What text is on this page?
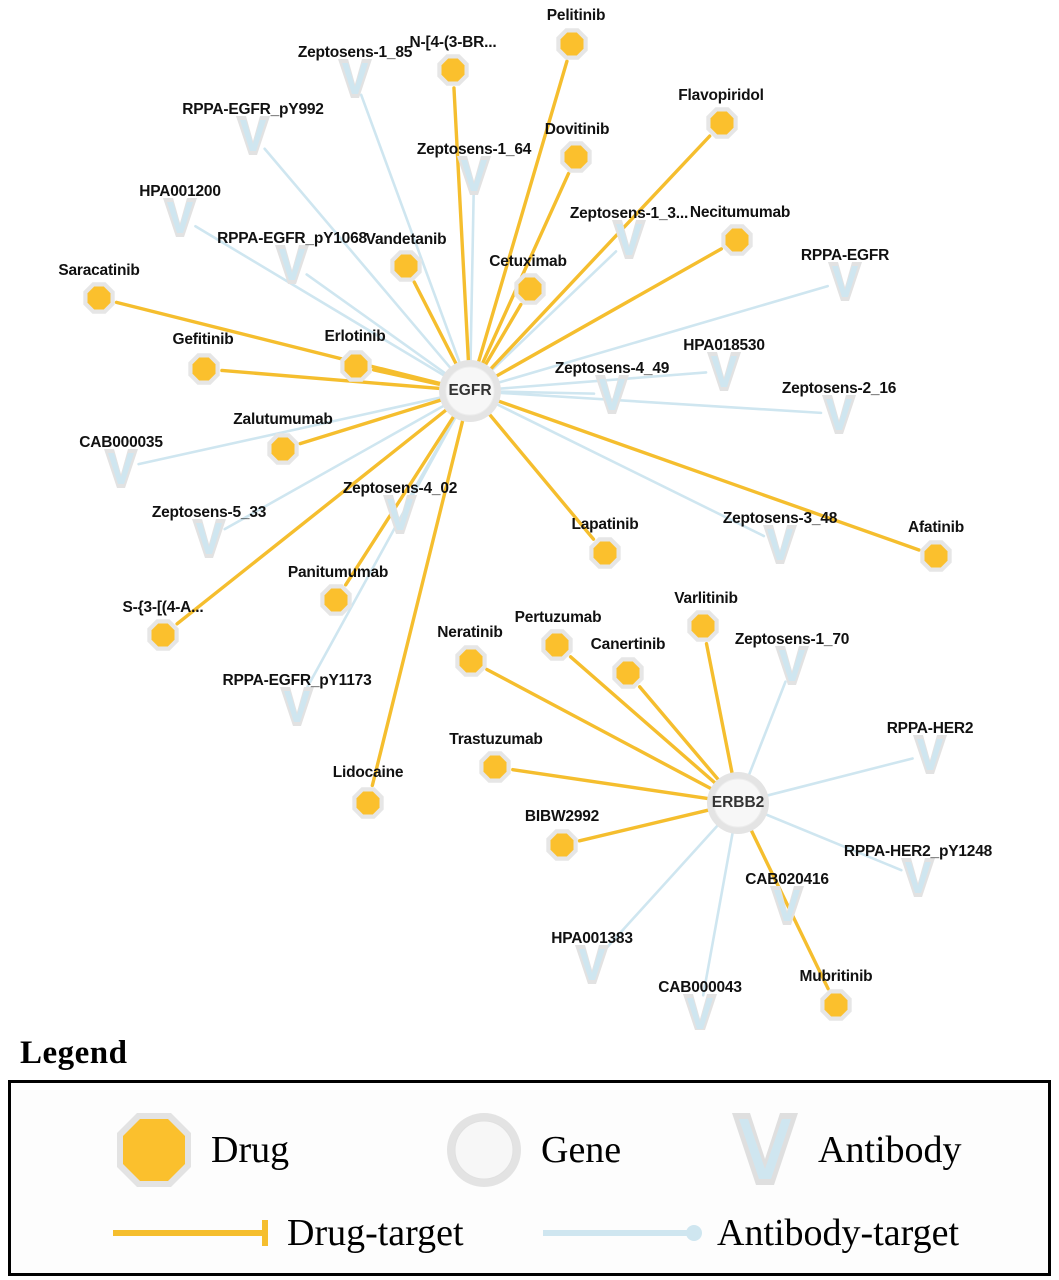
Pelitinib
N-[4-(3-BR...
Flavopiridol
Dovitinib
Necitumumab
Vandetanib
Cetuximab
Saracatinib
Gefitinib	Erlotinib
Zalutumumab
Afatinib
Lapatinib
Varlitinib
Panitumumab
S-{3-[(4-A...
Pertuzumab
Neratinib
Canertinib
Trastuzumab
Lidocaine
BIBW2992
Mubritinib
Zeptosens-1_85
RPPA-EGFR_pY992
Zeptosens-1_64
HPA001200
Zeptosens-1_3...
RPPA-EGFR_pY1068
RPPA-EGFR
HPA018530
Zeptosens-4_49
Zeptosens-2_16
CAB000035
Zeptosens-4_02
Zeptosens-5_33	Zeptosens-3_48
Zeptosens-1_70
RPPA-EGFR_pY1173
RPPA-HER2
RPPA-HER2_pY1248
CAB020416
HPA001383
CAB000043
EGFR
ERBB2
Legend
Drug	Gene	Antibody
Drug-target	Antibody-target
